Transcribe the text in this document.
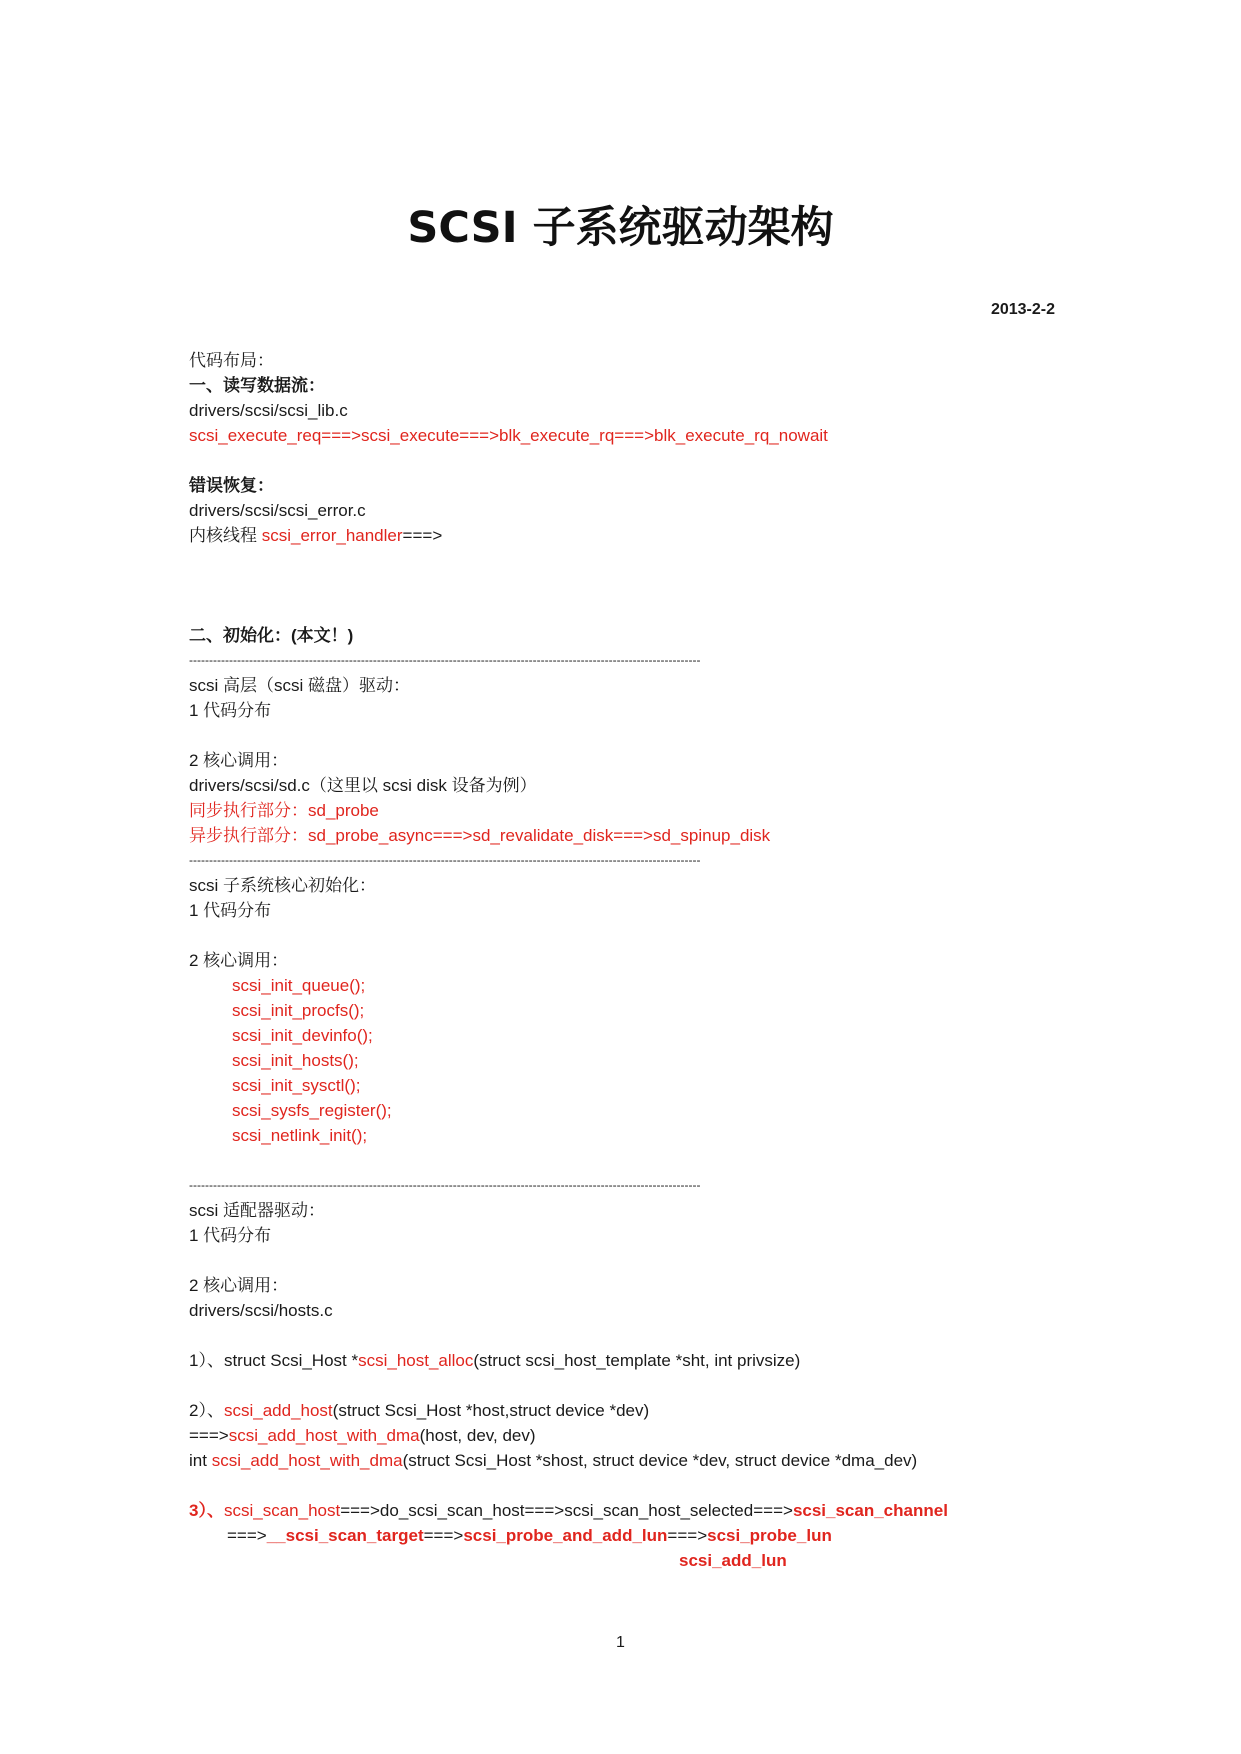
SCSI 子系统驱动架构
2013-2-2
代码布局：
一、读写数据流：
drivers/scsi/scsi_lib.c
scsi_execute_req===>scsi_execute===>blk_execute_rq===>blk_execute_rq_nowait
错误恢复：
drivers/scsi/scsi_error.c
内核线程 scsi_error_handler===>
二、初始化：(本文！)
--------------------------------------------------------------------------------------------------------------------------------
scsi 高层（scsi 磁盘）驱动：
1 代码分布
2 核心调用：
drivers/scsi/sd.c（这里以 scsi disk 设备为例）
同步执行部分：sd_probe
异步执行部分：sd_probe_async===>sd_revalidate_disk===>sd_spinup_disk
--------------------------------------------------------------------------------------------------------------------------------
scsi 子系统核心初始化：
1 代码分布
2 核心调用：
scsi_init_queue();
scsi_init_procfs();
scsi_init_devinfo();
scsi_init_hosts();
scsi_init_sysctl();
scsi_sysfs_register();
scsi_netlink_init();
--------------------------------------------------------------------------------------------------------------------------------
scsi 适配器驱动：
1 代码分布
2 核心调用：
drivers/scsi/hosts.c
1）、struct Scsi_Host *scsi_host_alloc(struct scsi_host_template *sht, int privsize)
2）、scsi_add_host(struct Scsi_Host *host,struct device *dev)
===>scsi_add_host_with_dma(host, dev, dev)
int scsi_add_host_with_dma(struct Scsi_Host *shost, struct device *dev, struct device *dma_dev)
3）、scsi_scan_host===>do_scsi_scan_host===>scsi_scan_host_selected===>scsi_scan_channel
===>__scsi_scan_target===>scsi_probe_and_add_lun===>scsi_probe_lun
scsi_add_lun
1
